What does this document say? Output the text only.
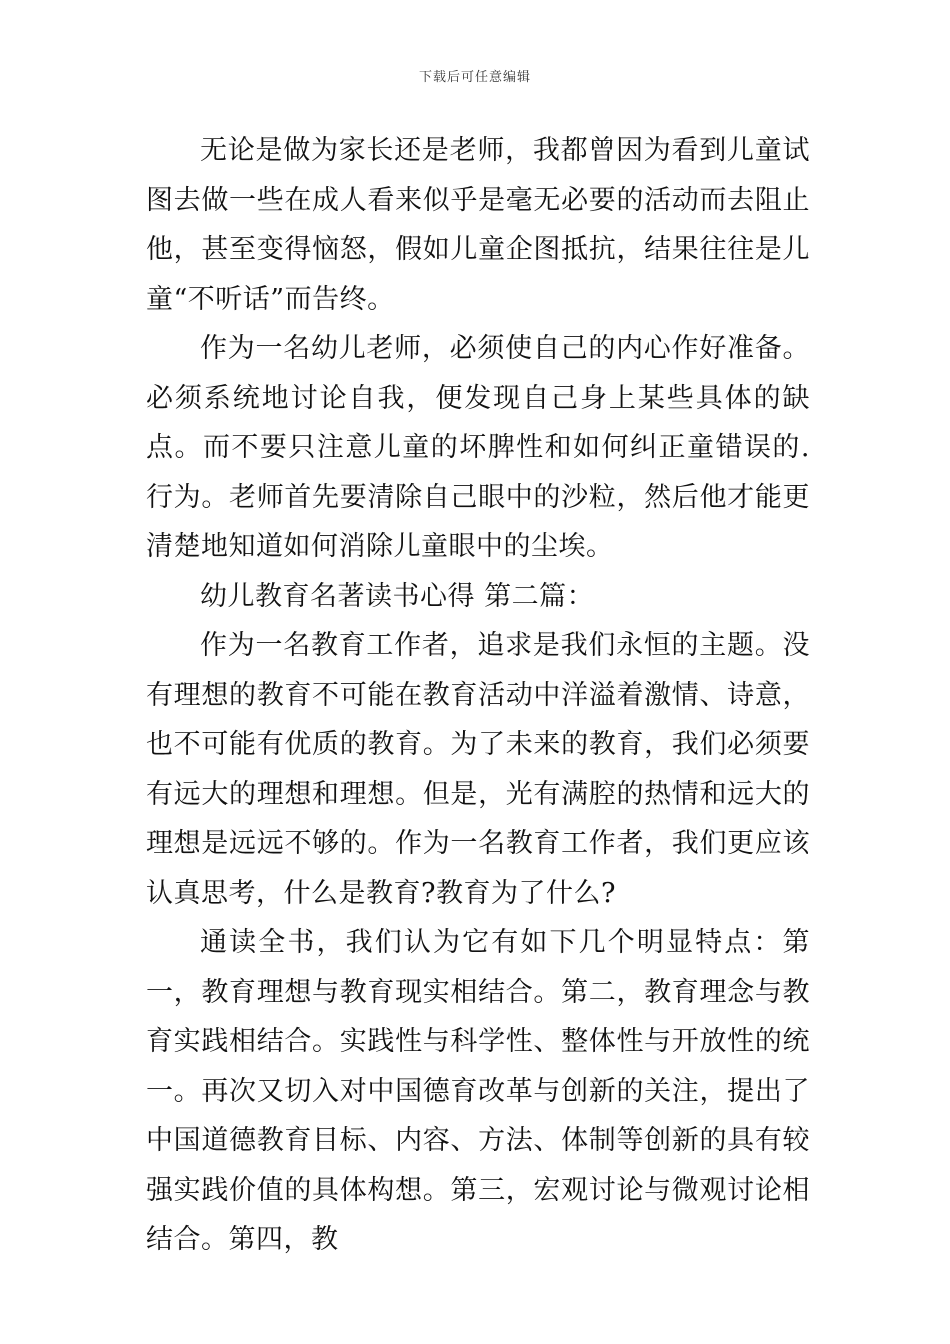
下载后可任意编辑

无论是做为家长还是老师，我都曾因为看到儿童试图去做一些在成人看来似乎是毫无必要的活动而去阻止他，甚至变得恼怒，假如儿童企图抵抗，结果往往是儿童“不听话”而告终。

作为一名幼儿老师，必须使自己的内心作好准备。必须系统地讨论自我，便发现自己身上某些具体的缺点。而不要只注意儿童的坏脾性和如何纠正童错误的.行为。老师首先要清除自己眼中的沙粒，然后他才能更清楚地知道如何消除儿童眼中的尘埃。

幼儿教育名著读书心得 第二篇：

作为一名教育工作者，追求是我们永恒的主题。没有理想的教育不可能在教育活动中洋溢着激情、诗意，也不可能有优质的教育。为了未来的教育，我们必须要有远大的理想和理想。但是，光有满腔的热情和远大的理想是远远不够的。作为一名教育工作者，我们更应该认真思考，什么是教育?教育为了什么?

通读全书，我们认为它有如下几个明显特点：第一，教育理想与教育现实相结合。第二，教育理念与教育实践相结合。实践性与科学性、整体性与开放性的统一。再次又切入对中国德育改革与创新的关注，提出了中国道德教育目标、内容、方法、体制等创新的具有较强实践价值的具体构想。第三，宏观讨论与微观讨论相结合。第四，教
